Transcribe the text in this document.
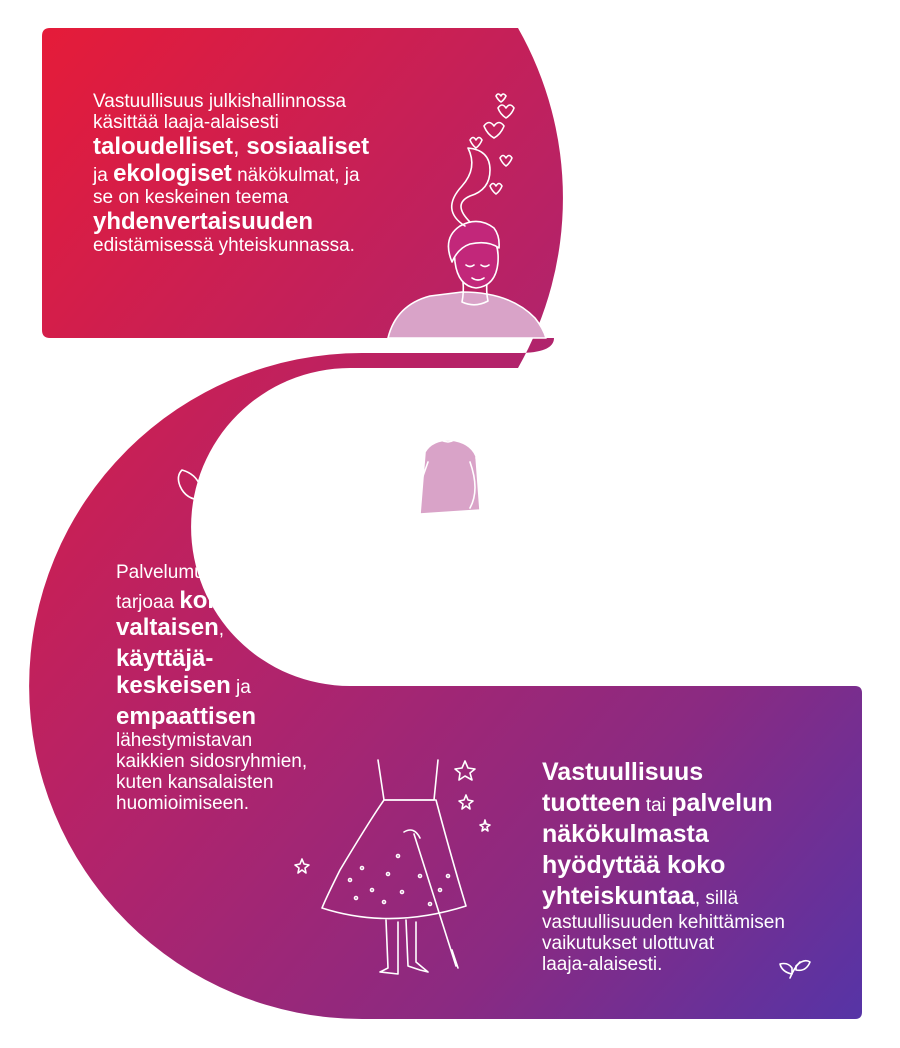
Vastuullisuus julkishallinnossa
käsittää laaja-alaisesti
taloudelliset, sosiaaliset
ja ekologiset näkökulmat, ja
se on keskeinen teema
yhdenvertaisuuden
edistämisessä yhteiskunnassa.
Vastuullisuuden
edistäminen voi
parantaa organisaation
mainetta, kasvattaa
kansalaisten
luottamusta ja
säästää
resursseja.
Palvelumuotoilu
tarjoaa kokonais-
valtaisen,
käyttäjä-
keskeisen ja
empaattisen
lähestymistavan
kaikkien sidosryhmien,
kuten kansalaisten
huomioimiseen.
Vastuullisuus
tuotteen tai palvelun
näkökulmasta
hyödyttää koko
yhteiskuntaa, sillä
vastuullisuuden kehittämisen
vaikutukset ulottuvat
laaja-alaisesti.
